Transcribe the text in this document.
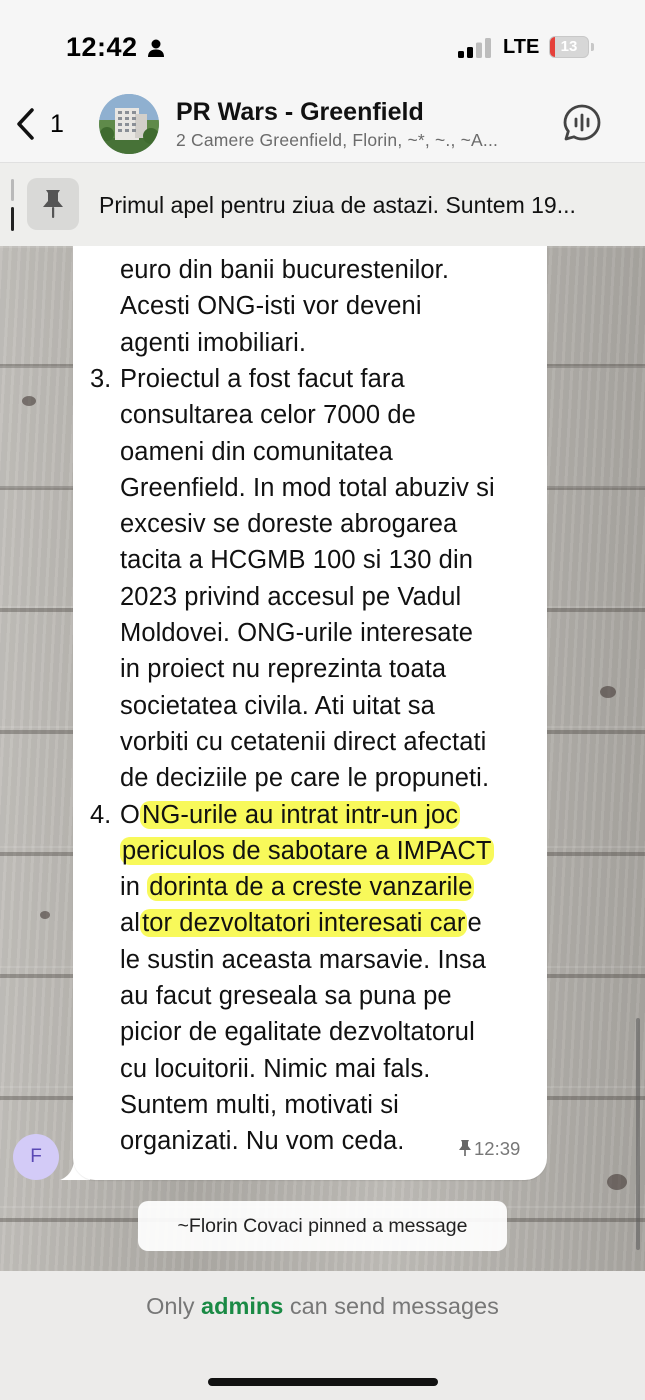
12:42	LTE	13
1	PR Wars - Greenfield
2 Camere Greenfield, Florin, ~*, ~., ~A...
Primul apel pentru ziua de astazi. Suntem 19...
euro din banii bucurestenilor.
Acesti ONG-isti vor deveni
agenti imobiliari.
3. Proiectul a fost facut fara
consultarea celor 7000 de
oameni din comunitatea
Greenfield. In mod total abuziv si
excesiv se doreste abrogarea
tacita a HCGMB 100 si 130 din
2023 privind accesul pe Vadul
Moldovei. ONG-urile interesate
in proiect nu reprezinta toata
societatea civila. Ati uitat sa
vorbiti cu cetatenii direct afectati
de deciziile pe care le propuneti.
4. ONG-urile au intrat intr-un joc
periculos de sabotare a IMPACT
in dorinta de a creste vanzarile
altor dezvoltatori interesati care
le sustin aceasta marsavie. Insa
au facut greseala sa puna pe
picior de egalitate dezvoltatorul
cu locuitorii. Nimic mai fals.
Suntem multi, motivati si
organizati. Nu vom ceda.	12:39
F
~Florin Covaci pinned a message
Only admins can send messages
